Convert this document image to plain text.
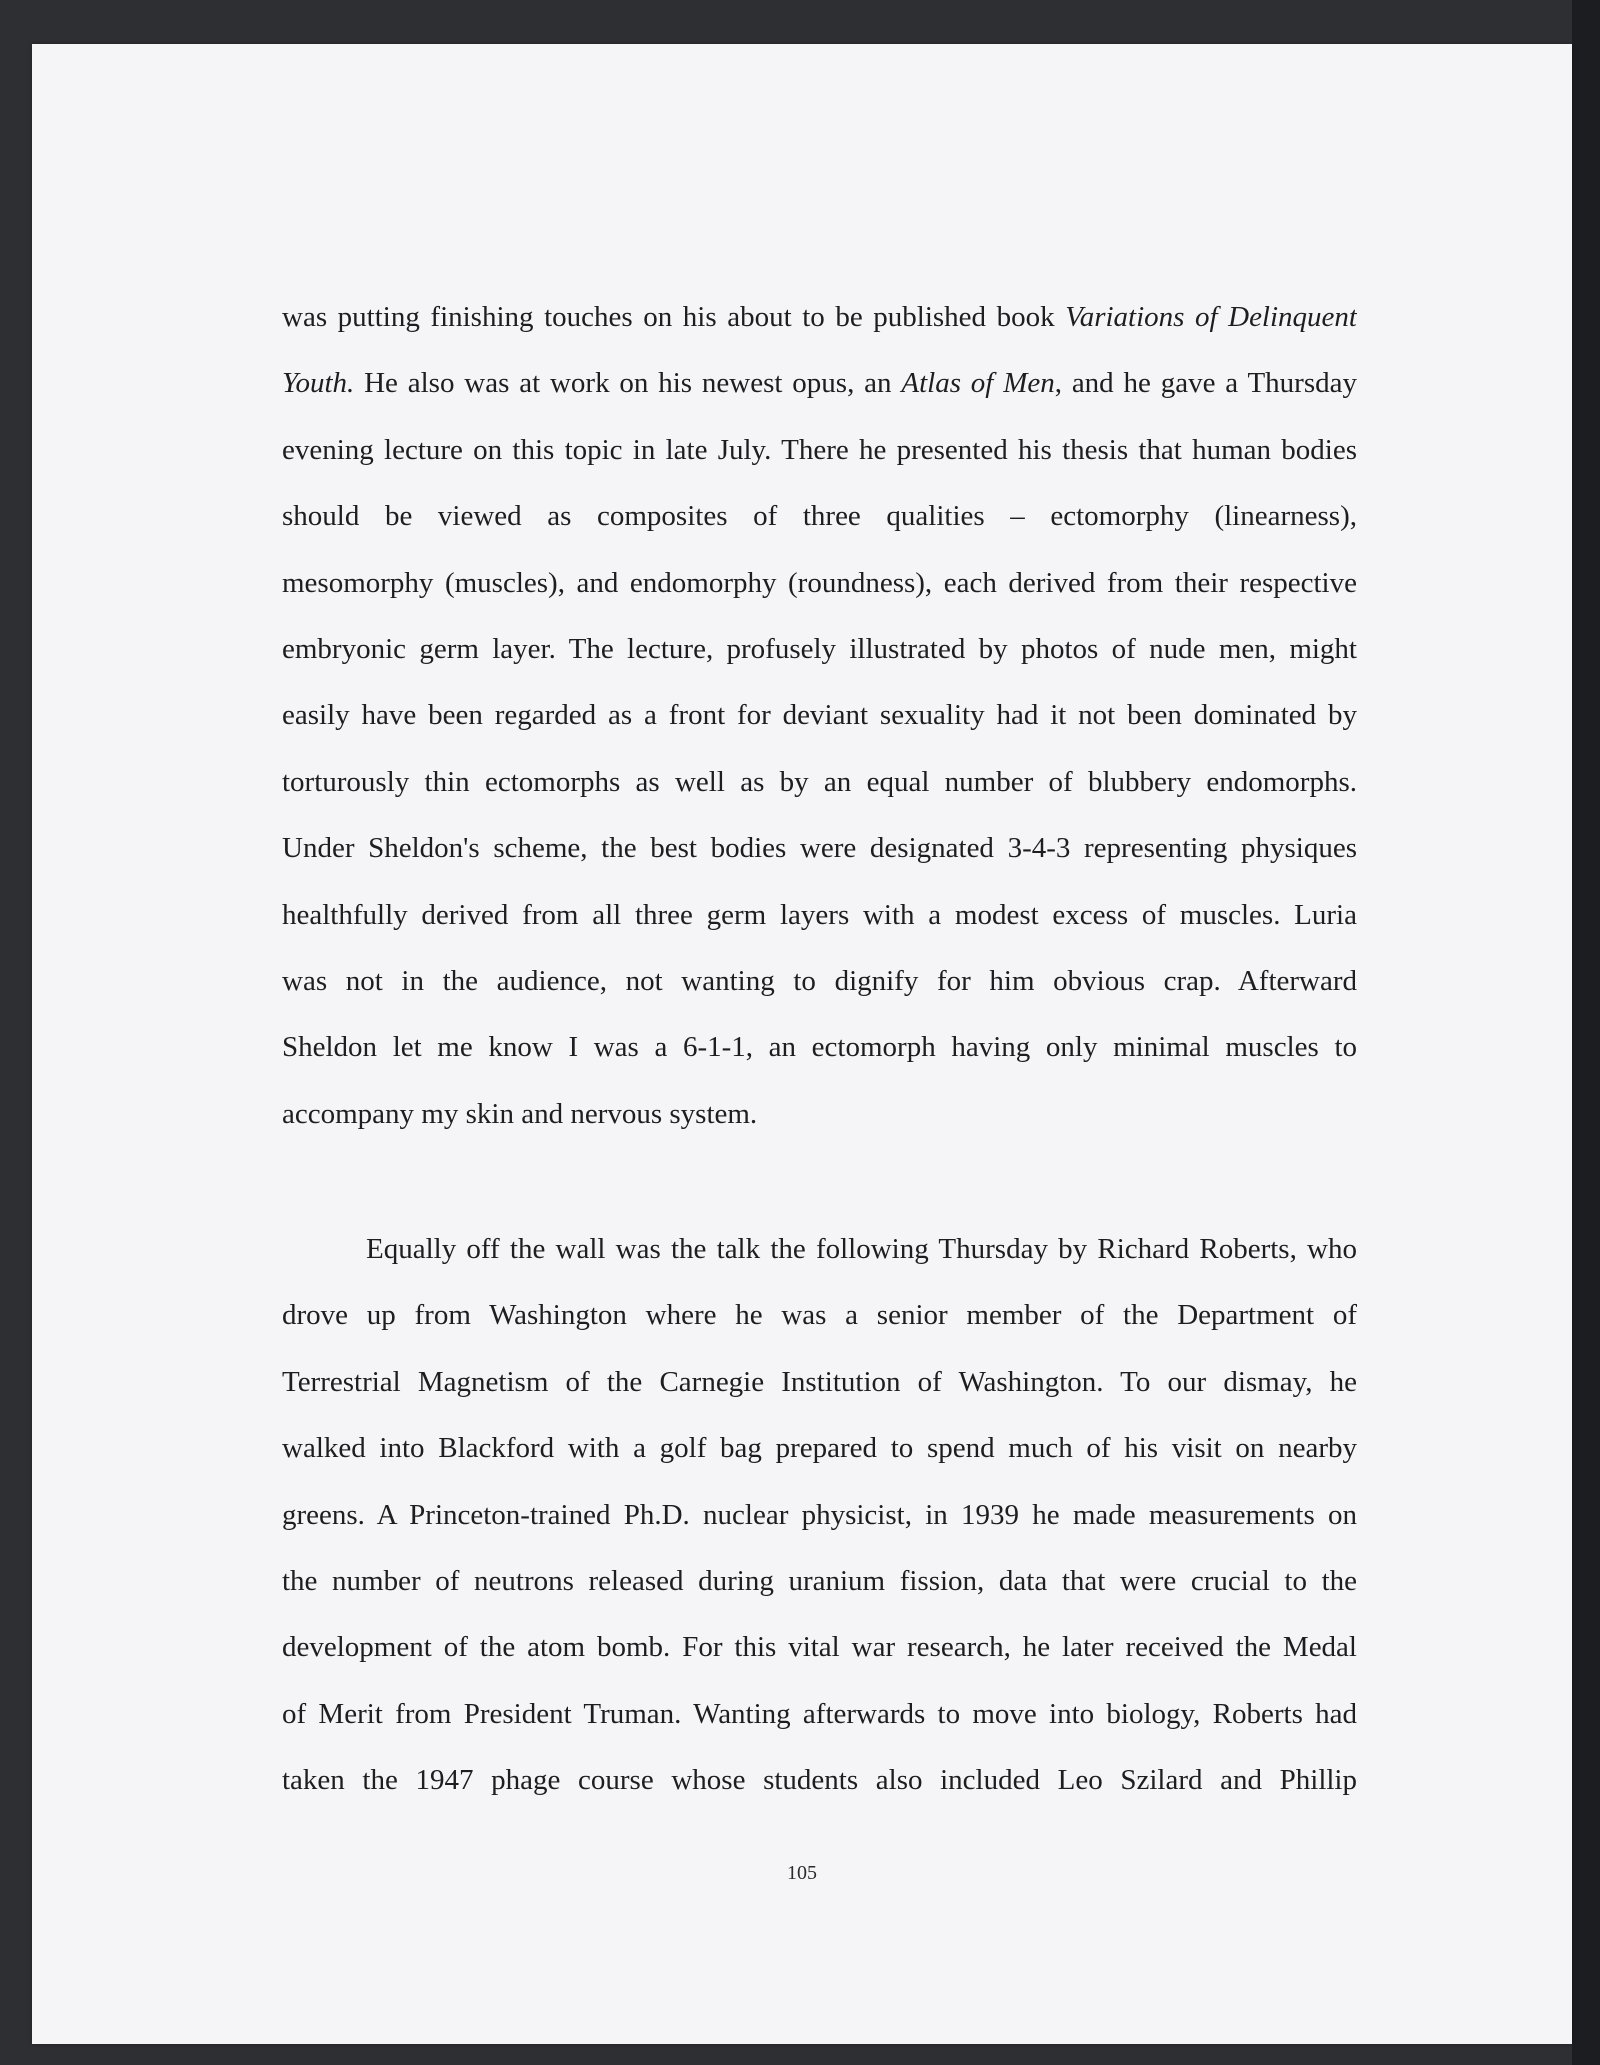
was putting finishing touches on his about to be published book Variations of Delinquent
Youth. He also was at work on his newest opus, an Atlas of Men, and he gave a Thursday
evening lecture on this topic in late July. There he presented his thesis that human bodies
should be viewed as composites of three qualities – ectomorphy (linearness),
mesomorphy (muscles), and endomorphy (roundness), each derived from their respective
embryonic germ layer. The lecture, profusely illustrated by photos of nude men, might
easily have been regarded as a front for deviant sexuality had it not been dominated by
torturously thin ectomorphs as well as by an equal number of blubbery endomorphs.
Under Sheldon's scheme, the best bodies were designated 3-4-3 representing physiques
healthfully derived from all three germ layers with a modest excess of muscles. Luria
was not in the audience, not wanting to dignify for him obvious crap. Afterward
Sheldon let me know I was a 6-1-1, an ectomorph having only minimal muscles to
accompany my skin and nervous system.
Equally off the wall was the talk the following Thursday by Richard Roberts, who
drove up from Washington where he was a senior member of the Department of
Terrestrial Magnetism of the Carnegie Institution of Washington. To our dismay, he
walked into Blackford with a golf bag prepared to spend much of his visit on nearby
greens. A Princeton-trained Ph.D. nuclear physicist, in 1939 he made measurements on
the number of neutrons released during uranium fission, data that were crucial to the
development of the atom bomb. For this vital war research, he later received the Medal
of Merit from President Truman. Wanting afterwards to move into biology, Roberts had
taken the 1947 phage course whose students also included Leo Szilard and Phillip
105
